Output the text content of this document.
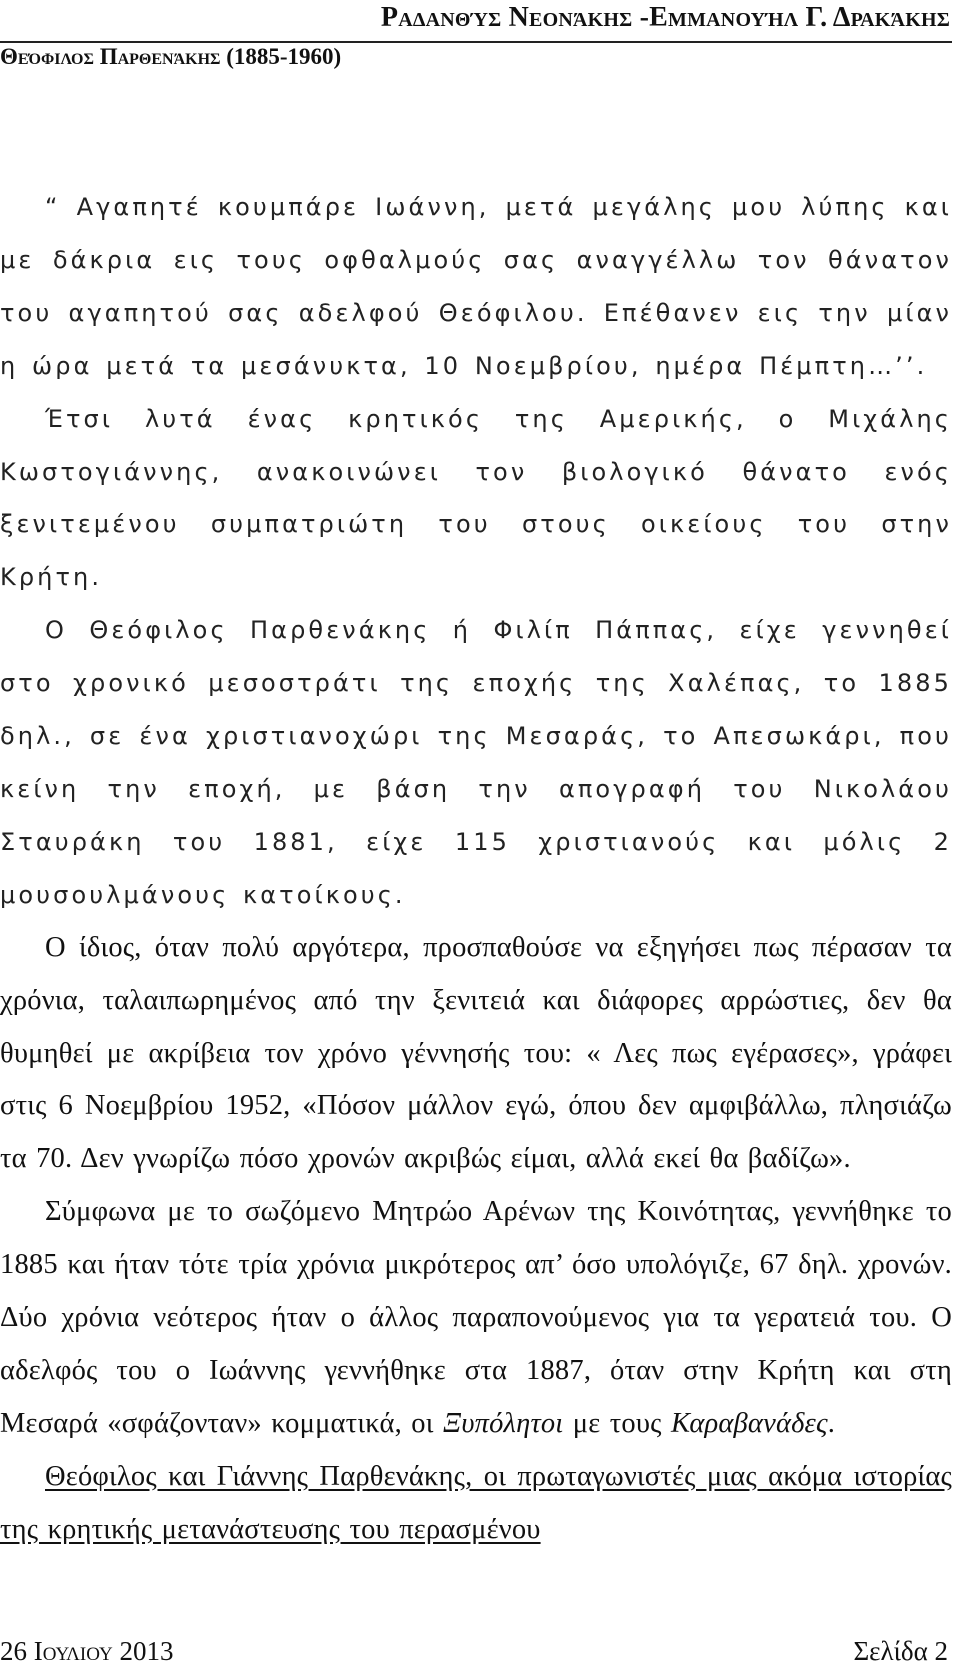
Ραδανθύς Νεονάκης -Εμμανουήλ Γ. Δρακάκης
Θεόφιλος Παρθενάκης (1885-1960)

“ Αγαπητέ κουμπάρε Ιωάννη, μετά μεγάλης μου λύπης και με δάκρια εις τους οφθαλμούς σας αναγγέλλω τον θάνατον του αγαπητού σας αδελφού Θεόφιλου. Επέθανεν εις την μίαν η ώρα μετά τα μεσάνυκτα, 10 Νοεμβρίου, ημέρα Πέμπτη…’’.

Έτσι λυτά ένας κρητικός της Αμερικής, ο Μιχάλης Κωστογιάννης, ανακοινώνει τον βιολογικό θάνατο ενός ξενιτεμένου συμπατριώτη του στους οικείους του στην Κρήτη.

Ο Θεόφιλος Παρθενάκης ή Φιλίπ Πάππας, είχε γεννηθεί στο χρονικό μεσοστράτι της εποχής της Χαλέπας, το 1885 δηλ., σε ένα χριστιανοχώρι της Μεσαράς, το Απεσωκάρι, που κείνη την εποχή, με βάση την απογραφή του Νικολάου Σταυράκη του 1881, είχε 115 χριστιανούς και μόλις 2 μουσουλμάνους κατοίκους.

Ο ίδιος, όταν πολύ αργότερα, προσπαθούσε να εξηγήσει πως πέρασαν τα χρόνια, ταλαιπωρημένος από την ξενιτειά και διάφορες αρρώστιες, δεν θα θυμηθεί με ακρίβεια τον χρόνο γέννησής του: « Λες πως εγέρασες», γράφει στις 6 Νοεμβρίου 1952, «Πόσον μάλλον εγώ, όπου δεν αμφιβάλλω, πλησιάζω τα 70. Δεν γνωρίζω πόσο χρονών ακριβώς είμαι, αλλά εκεί θα βαδίζω».

Σύμφωνα με το σωζόμενο Μητρώο Αρένων της Κοινότητας, γεννήθηκε το 1885 και ήταν τότε τρία χρόνια μικρότερος απ’ όσο υπολόγιζε, 67 δηλ. χρονών. Δύο χρόνια νεότερος ήταν ο άλλος παραπονούμενος για τα γερατειά του. Ο αδελφός του ο Ιωάννης γεννήθηκε στα 1887, όταν στην Κρήτη και στη Μεσαρά «σφάζονταν» κομματικά, οι Ξυπόλητοι με τους Καραβανάδες.

Θεόφιλος και Γιάννης Παρθενάκης, οι πρωταγωνιστές μιας ακόμα ιστορίας της κρητικής μετανάστευσης του περασμένου

26 Ιουλιου 2013	Σελίδα 2
